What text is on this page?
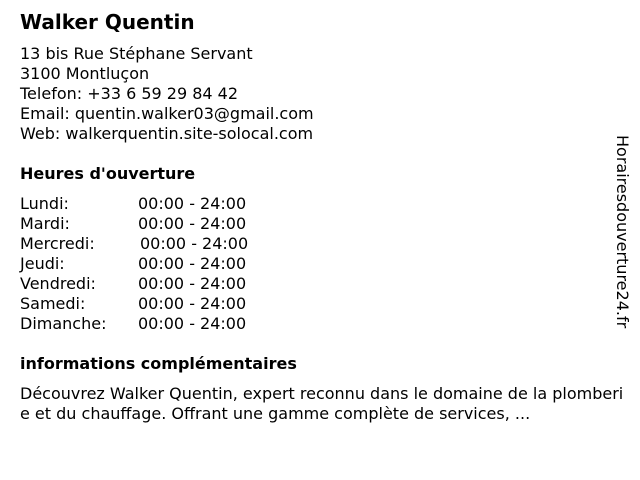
Walker Quentin
13 bis Rue Stéphane Servant
3100 Montluçon
Telefon: +33 6 59 29 84 42
Email: quentin.walker03@gmail.com
Web: walkerquentin.site-solocal.com
Heures d'ouverture
Lundi:	00:00 - 24:00
Mardi:	00:00 - 24:00
Mercredi:	00:00 - 24:00
Jeudi:	00:00 - 24:00
Vendredi:	00:00 - 24:00
Samedi:	00:00 - 24:00
Dimanche: 00:00 - 24:00
informations complémentaires
Découvrez Walker Quentin, expert reconnu dans le domaine de la plomberie et du chauffage. Offrant une gamme complète de services, ...
Horairesdouverture24.fr
